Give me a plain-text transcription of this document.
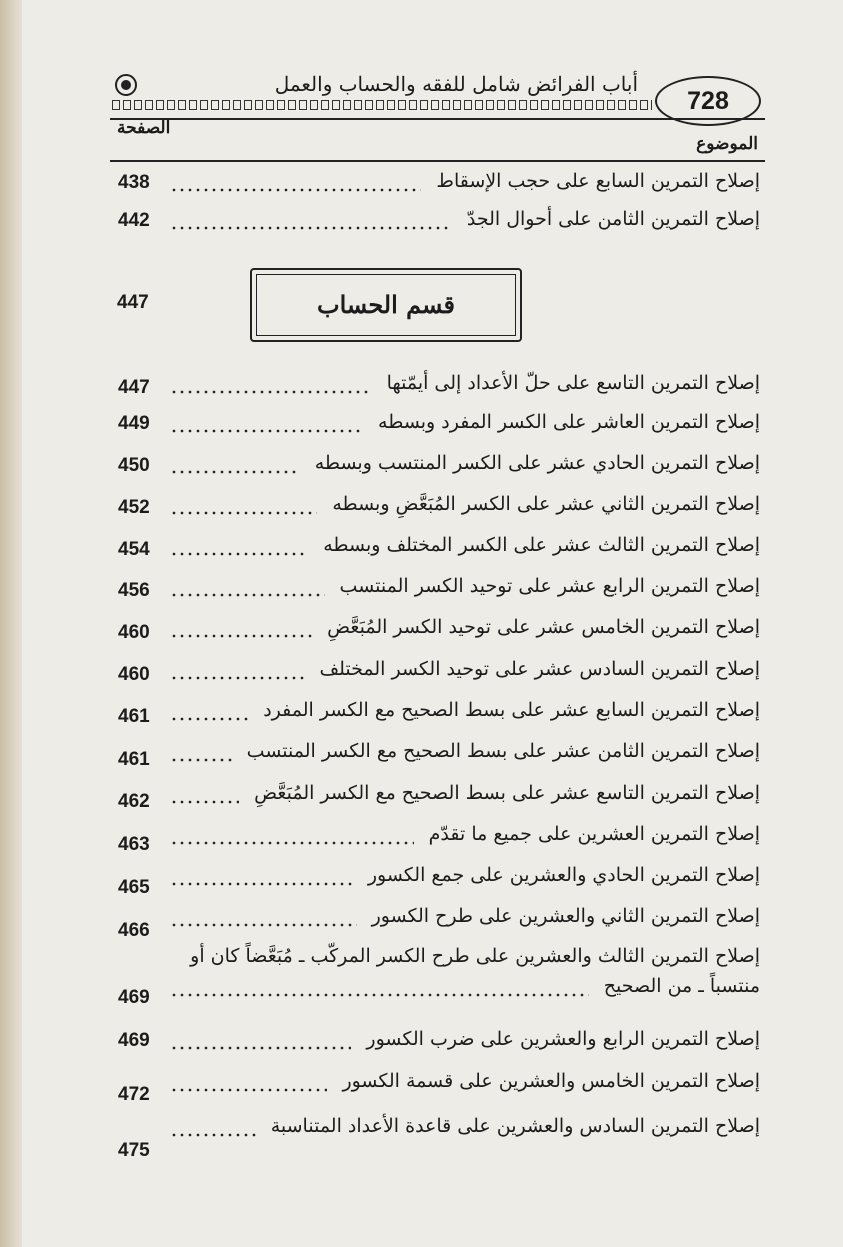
أباب الفرائض شامل للفقه والحساب والعمل
728
الصفحة
الموضوع
قسم الحساب
447
إصلاح التمرين السابع على حجب الإسقاط
438
إصلاح التمرين الثامن على أحوال الجدّ
442
إصلاح التمرين التاسع على حلّ الأعداد إلى أيمّتها
447
إصلاح التمرين العاشر على الكسر المفرد وبسطه
449
إصلاح التمرين الحادي عشر على الكسر المنتسب وبسطه
450
إصلاح التمرين الثاني عشر على الكسر المُبَعَّضِ وبسطه
452
إصلاح التمرين الثالث عشر على الكسر المختلف وبسطه
454
إصلاح التمرين الرابع عشر على توحيد الكسر المنتسب
456
إصلاح التمرين الخامس عشر على توحيد الكسر المُبَعَّضِ
460
إصلاح التمرين السادس عشر على توحيد الكسر المختلف
460
إصلاح التمرين السابع عشر على بسط الصحيح مع الكسر المفرد
461
إصلاح التمرين الثامن عشر على بسط الصحيح مع الكسر المنتسب
461
إصلاح التمرين التاسع عشر على بسط الصحيح مع الكسر المُبَعَّضِ
462
إصلاح التمرين العشرين على جميع ما تقدّم
463
إصلاح التمرين الحادي والعشرين على جمع الكسور
465
إصلاح التمرين الثاني والعشرين على طرح الكسور
466
إصلاح التمرين الثالث والعشرين على طرح الكسر المركّب ـ مُبَعَّضاً كان أو
منتسباً ـ من الصحيح
469
إصلاح التمرين الرابع والعشرين على ضرب الكسور
469
إصلاح التمرين الخامس والعشرين على قسمة الكسور
472
إصلاح التمرين السادس والعشرين على قاعدة الأعداد المتناسبة
475
